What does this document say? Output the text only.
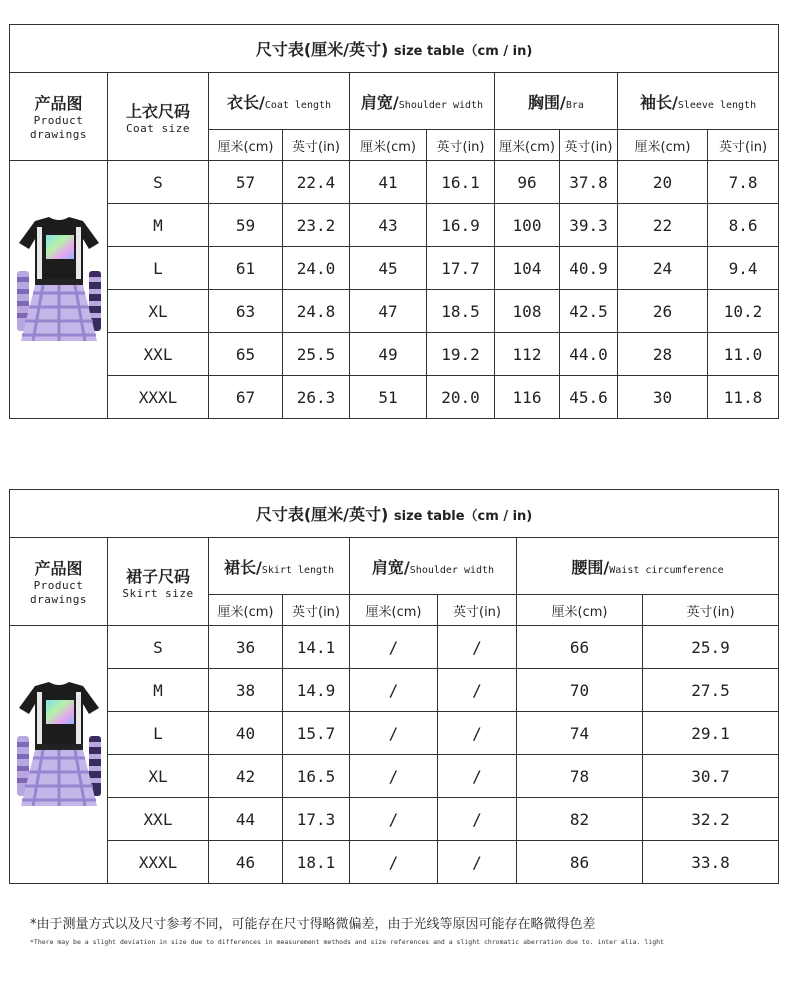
尺寸表(厘米/英寸) size table（cm / in)									

产品图
Product drawings	上衣尺码
Coat size	衣长/Coat length		肩宽/Shoulder width		胸围/Bra		袖长/Sleeve length	
		厘米(cm)	英寸(in)	厘米(cm)	英寸(in)	厘米(cm)	英寸(in)	厘米(cm)	英寸(in)
	S	57	22.4	41	16.1	96	37.8	20	7.8
	M	59	23.2	43	16.9	100	39.3	22	8.6
	L	61	24.0	45	17.7	104	40.9	24	9.4
	XL	63	24.8	47	18.5	108	42.5	26	10.2
	XXL	65	25.5	49	19.2	112	44.0	28	11.0
	XXXL	67	26.3	51	20.0	116	45.6	30	11.8
尺寸表(厘米/英寸) size table（cm / in)							

产品图
Product drawings	裙子尺码
Skirt size	裙长/Skirt length		肩宽/Shoulder width		腰围/Waist circumference	
		厘米(cm)	英寸(in)	厘米(cm)	英寸(in)	厘米(cm)	英寸(in)
	S	36	14.1	/	/	66	25.9
	M	38	14.9	/	/	70	27.5
	L	40	15.7	/	/	74	29.1
	XL	42	16.5	/	/	78	30.7
	XXL	44	17.3	/	/	82	32.2
	XXXL	46	18.1	/	/	86	33.8
*由于测量方式以及尺寸参考不同，可能存在尺寸得略微偏差，由于光线等原因可能存在略微得色差
*There may be a slight deviation in size due to differences in measurement methods and size references and a slight chromatic aberration due to. inter alia. light
